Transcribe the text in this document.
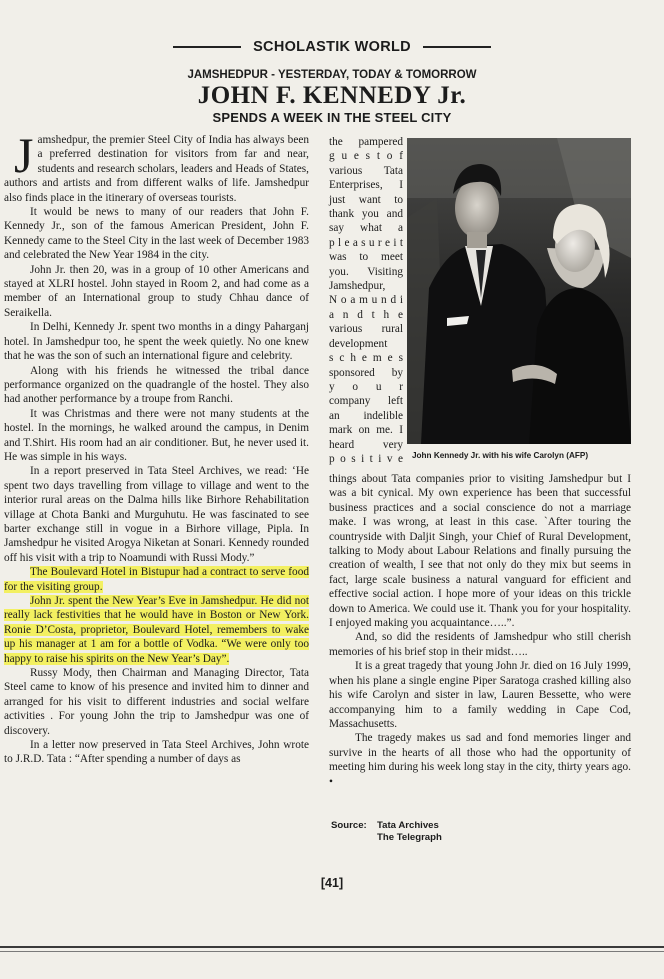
SCHOLASTIK WORLD
JAMSHEDPUR - YESTERDAY, TODAY & TOMORROW
JOHN F. KENNEDY Jr.
SPENDS A WEEK IN THE STEEL CITY

Jamshedpur, the premier Steel City of India has always been a preferred destination for visitors from far and near, students and research scholars, leaders and Heads of States, authors and artists and from different walks of life. Jamshedpur also finds place in the itinerary of overseas tourists.

It would be news to many of our readers that John F. Kennedy Jr., son of the famous American President, John F. Kennedy came to the Steel City in the last week of December 1983 and celebrated the New Year 1984 in the city.

John Jr. then 20, was in a group of 10 other Americans and stayed at XLRI hostel. John stayed in Room 2, and had come as a member of an International group to study Chhau dance of Seraikella.

In Delhi, Kennedy Jr. spent two months in a dingy Paharganj hotel. In Jamshedpur too, he spent the week quietly. No one knew that he was the son of such an international figure and celebrity.

Along with his friends he witnessed the tribal dance performance organized on the quadrangle of the hostel. They also had another performance by a troupe from Ranchi.

It was Christmas and there were not many students at the hostel. In the mornings, he walked around the campus, in Denim and T.Shirt. His room had an air conditioner. But, he never used it. He was simple in his ways.

In a report preserved in Tata Steel Archives, we read: ‘He spent two days travelling from village to village and went to the interior rural areas on the Dalma hills like Birhore Rehabilitation village at Chota Banki and Murguhutu. He was fascinated to see barter exchange still in vogue in a Birhore village, Pipla. In Jamshedpur he visited Arogya Niketan at Sonari. Kennedy rounded off his visit with a trip to Noamundi with Russi Mody.”

The Boulevard Hotel in Bistupur had a contract to serve food for the visiting group.

John Jr. spent the New Year’s Eve in Jamshedpur. He did not really lack festivities that he would have in Boston or New York. Ronie D’Costa, proprietor, Boulevard Hotel, remembers to wake up his manager at 1 am for a bottle of Vodka. “We were only too happy to raise his spirits on the New Year’s Day”.

Russy Mody, then Chairman and Managing Director, Tata Steel came to know of his presence and invited him to dinner and arranged for his visit to different industries and social welfare activities . For young John the trip to Jamshedpur was one of discovery.

In a letter now preserved in Tata Steel Archives, John wrote to J.R.D. Tata : “After spending a number of days as

the pampered
g u e s t o f
various Tata
Enterprises, I
just want to
thank you and
say what a
p l e a s u r e i t
was to meet
you. Visiting
Jamshedpur,
N o a m u n d i
a n d t h e
various rural
development
s c h e m e s
sponsored by
y o u r
company left
an indelible
mark on me. I
heard very
p o s i t i v e John Kennedy Jr. with his wife Carolyn (AFP)

things about Tata companies prior to visiting Jamshedpur but I was a bit cynical. My own experience has been that successful business practices and a social conscience do not a marriage make. I was wrong, at least in this case. `After touring the countryside with Daljit Singh, your Chief of Rural Development, talking to Mody about Labour Relations and finally pursuing the creation of wealth, I see that not only do they mix but seems in fact, large scale business a natural vanguard for efficient and effective social action. I hope more of your ideas on this trickle down to America. We could use it. Thank you for your hospitality. I enjoyed making you acquaintance…..”.

And, so did the residents of Jamshedpur who still cherish memories of his brief stop in their midst…..

It is a great tragedy that young John Jr. died on 16 July 1999, when his plane a single engine Piper Saratoga crashed killing also his wife Carolyn and sister in law, Lauren Bessette, who were accompanying him to a family wedding in Cape Cod, Massachusetts.

The tragedy makes us sad and fond memories linger and survive in the hearts of all those who had the opportunity of meeting him during his week long stay in the city, thirty years ago. •

Source: Tata Archives
The Telegraph
[41]
